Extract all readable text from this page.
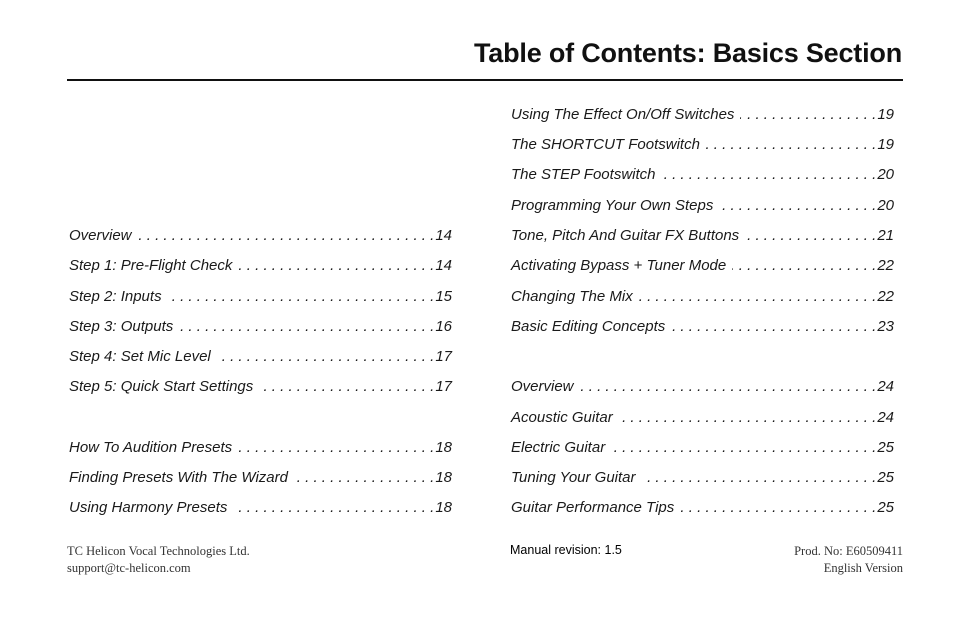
Table of Contents: Basics Section
Overview . . .	14
Step 1: Pre-Flight Check . . .	14
Step 2: Inputs . . .	15
Step 3: Outputs . . .	16
Step 4: Set Mic Level . . .	17
Step 5: Quick Start Settings . . .	17
How To Audition Presets . . .	18
Finding Presets With The Wizard . . .	18
Using Harmony Presets . . .	18
Using The Effect On/Off Switches . . .	19
The SHORTCUT Footswitch . . .	19
The STEP Footswitch . . .	20
Programming Your Own Steps . . .	20
Tone, Pitch And Guitar FX Buttons . . .	21
Activating Bypass + Tuner Mode . . .	22
Changing The Mix . . .	22
Basic Editing Concepts . . .	23
Overview . . .	24
Acoustic Guitar . . .	24
Electric Guitar . . .	25
Tuning Your Guitar . . .	25
Guitar Performance Tips . . .	25
TC Helicon Vocal Technologies Ltd.
support@tc-helicon.com
Manual revision: 1.5	Prod. No: E60509411
English Version
